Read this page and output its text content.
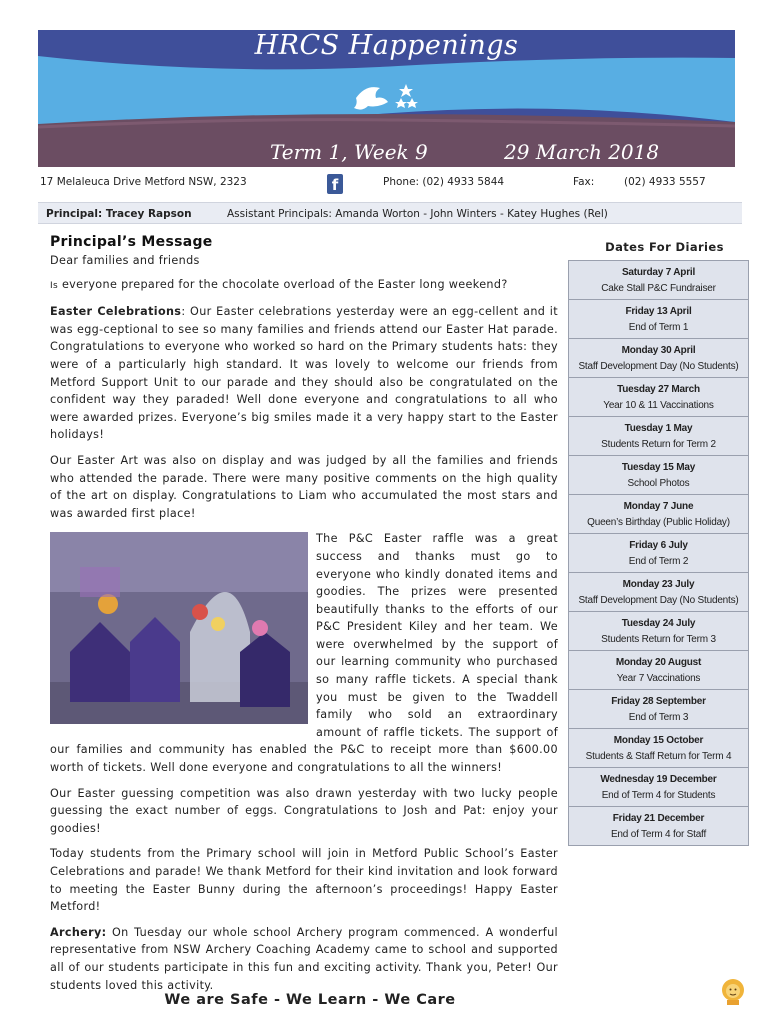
HRCS Happenings
Term 1, Week 9	29 March 2018
17 Melaleuca Drive Metford NSW, 2323	Phone: (02) 4933 5844	Fax:	(02) 4933 5557
f
Principal: Tracey Rapson	Assistant Principals: Amanda Worton - John Winters - Katey Hughes (Rel)
Principal’s Message
Dear families and friends
Is everyone prepared for the chocolate overload of the Easter long weekend?
Easter Celebrations: Our Easter celebrations yesterday were an egg-cellent and it was egg-ceptional to see so many families and friends attend our Easter Hat parade. Congratulations to everyone who worked so hard on the Primary students hats: they were of a particularly high standard. It was lovely to welcome our friends from Metford Support Unit to our parade and they should also be congratulated on the confident way they paraded! Well done everyone and congratulations to all who were awarded prizes. Everyone’s big smiles made it a very happy start to the Easter holidays!
Our Easter Art was also on display and was judged by all the families and friends who attended the parade. There were many positive comments on the high quality of the art on display. Congratulations to Liam who accumulated the most stars and was awarded first place!
The P&C Easter raffle was a great success and thanks must go to everyone who kindly donated items and goodies. The prizes were presented beautifully thanks to the efforts of our P&C President Kiley and her team. We were overwhelmed by the support of our learning community who purchased so many raffle tickets. A special thank you must be given to the Twaddell family who sold an extraordinary amount of raffle tickets. The support of our families and community has enabled the P&C to receipt more than $600.00 worth of tickets. Well done everyone and congratulations to all the winners!
Our Easter guessing competition was also drawn yesterday with two lucky people guessing the exact number of eggs. Congratulations to Josh and Pat: enjoy your goodies!
Today students from the Primary school will join in Metford Public School’s Easter Celebrations and parade! We thank Metford for their kind invitation and look forward to meeting the Easter Bunny during the afternoon’s proceedings! Happy Easter Metford!
Archery: On Tuesday our whole school Archery program commenced. A wonderful representative from NSW Archery Coaching Academy came to school and supported all of our students participate in this fun and exciting activity. Thank you, Peter! Our students loved this activity.
Dates For Diaries
Saturday 7 April
Cake Stall P&C Fundraiser
Friday 13 April
End of Term 1
Monday 30 April
Staff Development Day (No Students)
Tuesday 27 March
Year 10 & 11 Vaccinations
Tuesday 1 May
Students Return for Term 2
Tuesday 15 May
School Photos
Monday 7 June
Queen’s Birthday (Public Holiday)
Friday 6 July
End of Term 2
Monday 23 July
Staff Development Day (No Students)
Tuesday 24 July
Students Return for Term 3
Monday 20 August
Year 7 Vaccinations
Friday 28 September
End of Term 3
Monday 15 October
Students & Staff Return for Term 4
Wednesday 19 December
End of Term 4 for Students
Friday 21 December
End of Term 4 for Staff
We are Safe - We Learn - We Care
